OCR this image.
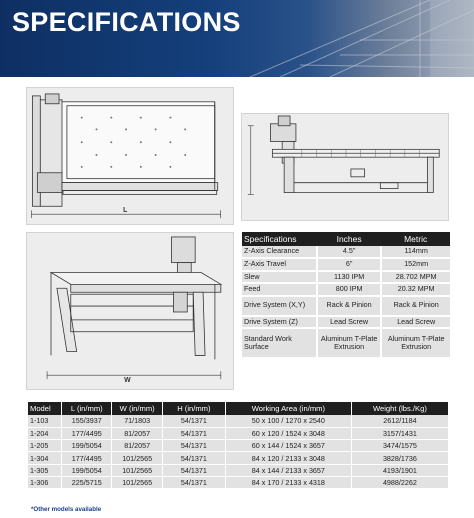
SPECIFICATIONS
L
W
Specifications	Inches	Metric
Z-Axis Clearance	4.5"	114mm
Z-Axis Travel	6"	152mm
Slew	1130 IPM	28.702 MPM
Feed	800 IPM	20.32 MPM
Drive System (X,Y)	Rack & Pinion	Rack & Pinion
Drive System (Z)	Lead Screw	Lead Screw
Standard Work Surface	Aluminum T-Plate Extrusion	Aluminum T-Plate Extrusion
Model	L (in/mm)	W (in/mm)	H (in/mm)	Working Area (in/mm)	Weight (lbs./Kg)
1-103	155/3937	71/1803	54/1371	50 x 100 / 1270 x 2540	2612/1184
1-204	177/4495	81/2057	54/1371	60 x 120 / 1524 x 3048	3157/1431
1-205	199/5054	81/2057	54/1371	60 x 144 / 1524 x 3657	3474/1575
1-304	177/4495	101/2565	54/1371	84 x 120 / 2133 x 3048	3828/1736
1-305	199/5054	101/2565	54/1371	84 x 144 / 2133 x 3657	4193/1901
1-306	225/5715	101/2565	54/1371	84 x 170 / 2133 x 4318	4988/2262
*Other models available
